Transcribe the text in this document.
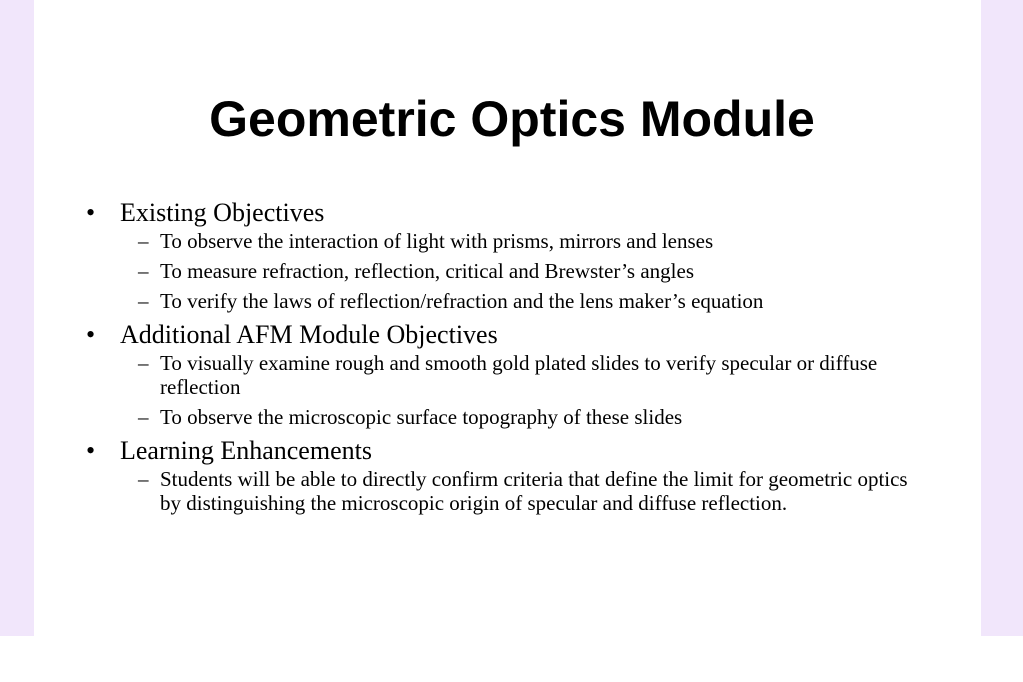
Geometric Optics Module

• Existing Objectives

– To observe the interaction of light with prisms, mirrors and lenses

– To measure refraction, reflection, critical and Brewster’s angles

– To verify the laws of reflection/refraction and the lens maker’s equation

• Additional AFM Module Objectives

– To visually examine rough and smooth gold plated slides to verify specular or diffuse reflection

– To observe the microscopic surface topography of these slides

• Learning Enhancements

– Students will be able to directly confirm criteria that define the limit for geometric optics by distinguishing the microscopic origin of specular and diffuse reflection.
